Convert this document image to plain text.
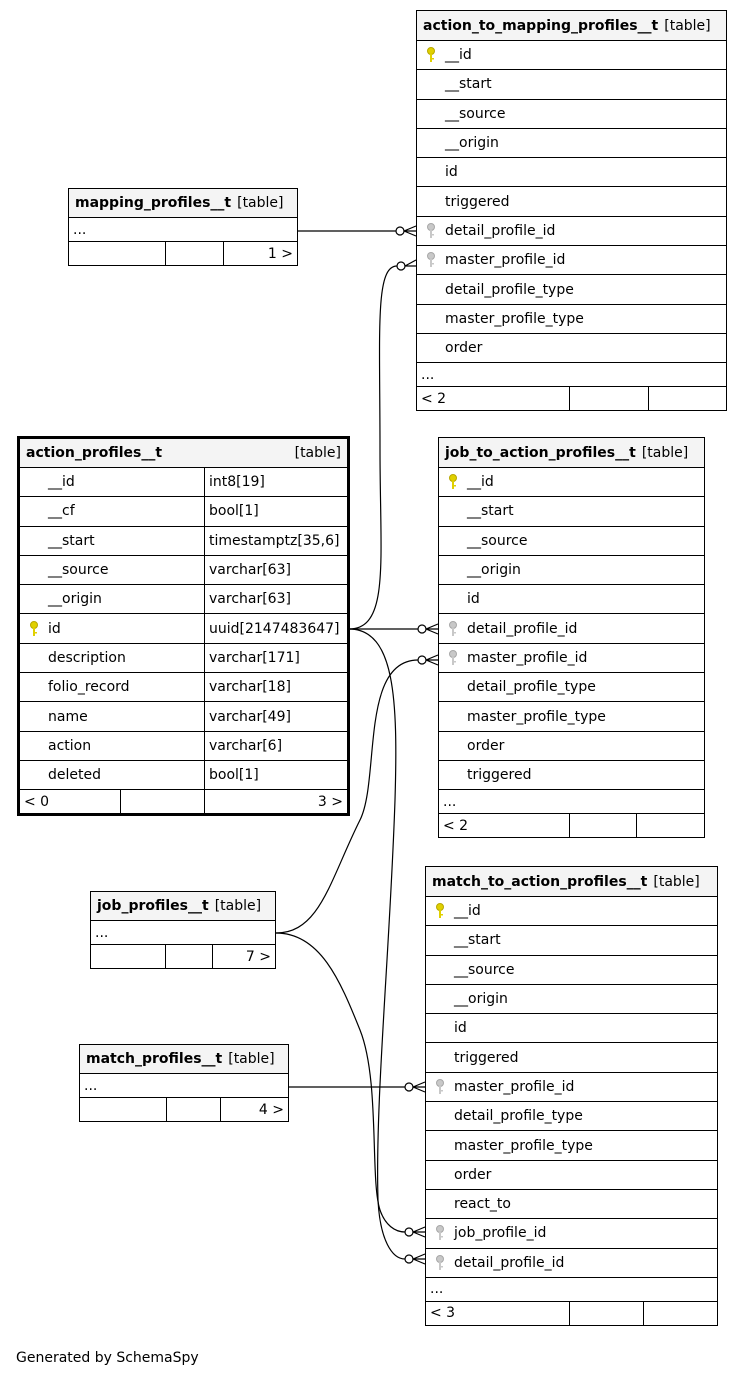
action_to_mapping_profiles__t [table]
__id
__start
__source
__origin
id
triggered
detail_profile_id
master_profile_id
detail_profile_type
master_profile_type
order
...
< 2
mapping_profiles__t [table]
...
1 >
action_profiles__t	[table]
__id	int8[19]
__cf	bool[1]
__start	timestamptz[35,6]
__source	varchar[63]
__origin	varchar[63]
id	uuid[2147483647]
description	varchar[171]
folio_record	varchar[18]
name	varchar[49]
action	varchar[6]
deleted	bool[1]
< 0	3 >
job_to_action_profiles__t [table]
__id
__start
__source
__origin
id
detail_profile_id
master_profile_id
detail_profile_type
master_profile_type
order
triggered
...
< 2
job_profiles__t [table]
...
7 >
match_to_action_profiles__t [table]
__id
__start
__source
__origin
id
triggered
master_profile_id
detail_profile_type
master_profile_type
order
react_to
job_profile_id
detail_profile_id
...
< 3
match_profiles__t [table]
...
4 >
Generated by SchemaSpy
